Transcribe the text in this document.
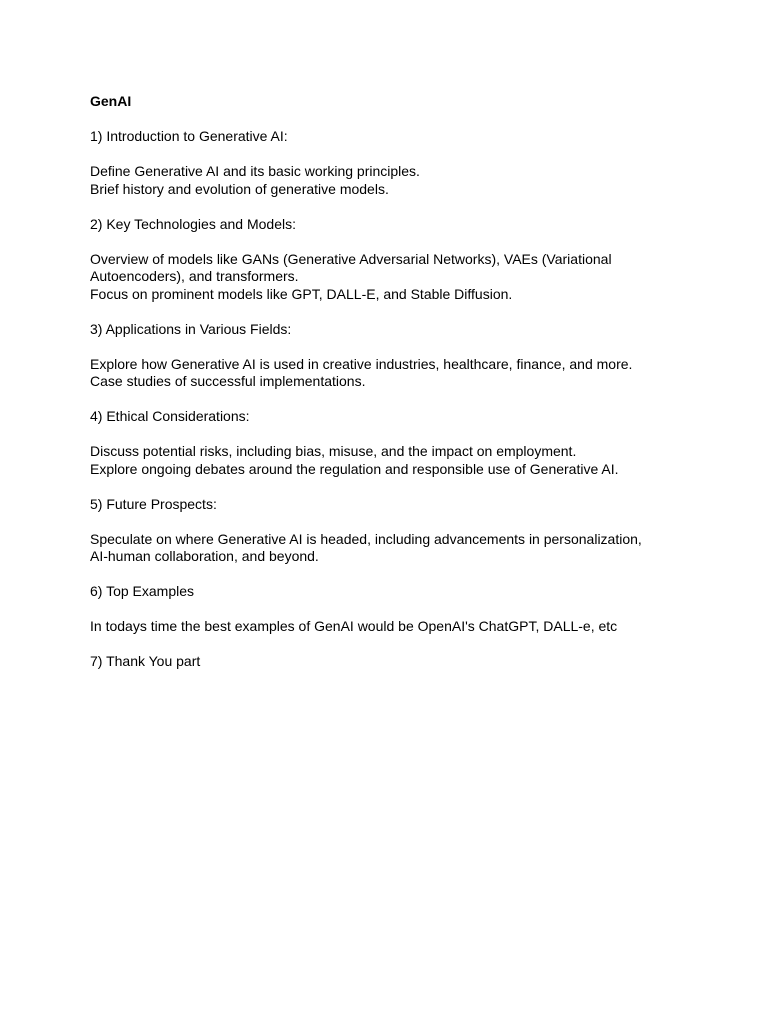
GenAI

1) Introduction to Generative AI:

Define Generative AI and its basic working principles.

Brief history and evolution of generative models.

2) Key Technologies and Models:

Overview of models like GANs (Generative Adversarial Networks), VAEs (Variational Autoencoders), and transformers.

Focus on prominent models like GPT, DALL-E, and Stable Diffusion.

3) Applications in Various Fields:

Explore how Generative AI is used in creative industries, healthcare, finance, and more.

Case studies of successful implementations.

4) Ethical Considerations:

Discuss potential risks, including bias, misuse, and the impact on employment.

Explore ongoing debates around the regulation and responsible use of Generative AI.

5) Future Prospects:

Speculate on where Generative AI is headed, including advancements in personalization, AI-human collaboration, and beyond.

6) Top Examples

In todays time the best examples of GenAI would be OpenAI's ChatGPT, DALL-e, etc

7) Thank You part
